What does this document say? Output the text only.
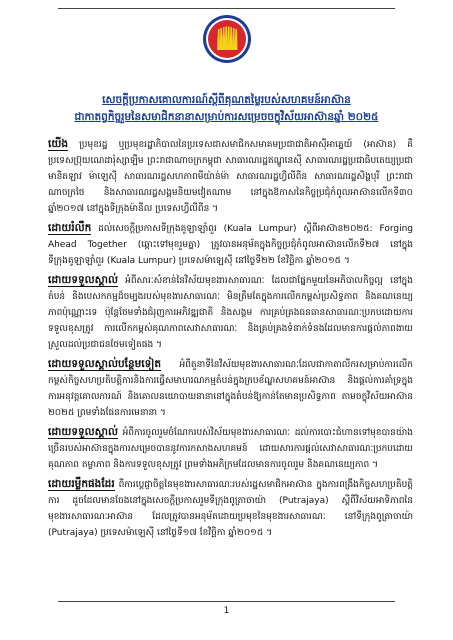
សេចក្តីប្រកាសគោលការណ៍ស្តីពីគុណតម្លៃរបស់សហគមន៍អាស៊ាន
ជាកាតព្វកិច្ចរួមនៃសមាជិកនានាសម្រាប់ការសម្រេចចក្ខុវិស័យអាស៊ានឆ្នាំ ២០២៥

យើង ប្រមុខរដ្ឋ ឬប្រមុខរដ្ឋាភិបាលនៃប្រទេសជាសមាជិកសមាគមប្រជាជាតិអាស៊ីអាគ្នេយ៍ (អាស៊ាន) គឺប្រទេសប្រ៊ុយណេដារ៉ុស្សាឡឹម ព្រះរាជាណាចក្រកម្ពុជា សាធារណរដ្ឋឥណ្ឌូនេស៊ី សាធារណរដ្ឋប្រជាធិបតេយ្យប្រជាមានិតឡាវ ម៉ាឡេស៊ី សាធារណរដ្ឋសហភាពមីយ៉ាន់ម៉ា សាធារណរដ្ឋហ្វីលីពីន សាធារណរដ្ឋសិង្ហបុរី ព្រះរាជាណាចក្រថៃ និងសាធារណរដ្ឋសង្គមនិយមវៀតណាម នៅក្នុងឱកាសនៃកិច្ចប្រជុំកំពូលអាស៊ានលើកទី៣០ ឆ្នាំ២០១៧ នៅក្នុងទីក្រុងម៉ានីល ប្រទេសហ្វីលីពីន ។

ដោយរំលឹក ដល់សេចក្តីប្រកាសទីក្រុងគូឡាឡាំពួរ (Kuala Lumpur) ស្តីពីអាស៊ាន២០២៥: Forging Ahead Together (ឆ្ពោះទៅមុខរួមគ្នា) ត្រូវបានអនុម័តក្នុងកិច្ចប្រជុំកំពូលអាស៊ានលើកទី២៧ នៅក្នុងទីក្រុងគូឡាឡាំពួរ (Kuala Lumpur) ប្រទេសម៉ាឡេស៊ី នៅថ្ងៃទី២២ ខែវិច្ឆិកា ឆ្នាំ២០១៥ ។

ដោយទទួលស្គាល់ អំពីសារៈសំខាន់នៃវិស័យមុខងារសាធារណៈ ដែលជាផ្នែកមួយនៃអភិបាលកិច្ចល្អ នៅក្នុងតំបន់ និងបេសកកម្មដ៏ចម្បងរបស់មុខងារសាធារណៈ មិនត្រឹមតែក្នុងការលើកកម្ពស់ប្រសិទ្ធភាព និងគណនេយ្យភាពប៉ុណ្ណោះទេ ប៉ុន្តែថែមទាំងជំរុញការអភិវឌ្ឍជាតិ និងសង្គម ការគ្រប់គ្រងធនធានសាធារណៈប្រកបដោយការទទួលខុសត្រូវ ការលើកកម្ពស់គុណភាពសេវាសាធារណៈ និងគ្រប់គ្រងទំនាក់ទំនងដែលមានការផ្តល់ភាពងាយស្រួលដល់ប្រជាជនថែមទៀតផង ។

ដោយទទួលស្គាល់បន្ថែមទៀត អំពីតួនាទីនៃវិស័យមុខងារសាធារណៈដែលជាកាតាលីករសម្រាប់ការលើកកម្ពស់កិច្ចសហប្រតិបត្តិការនិងការធ្វើសមាហរណកម្មតំបន់ក្នុងក្របខ័ណ្ឌសហគមន៍អាស៊ាន និងផ្តល់ការគាំទ្រក្នុងការអនុវត្តគោលការណ៍ និងគោលនយោបាយនានានៅក្នុងតំបន់ឱ្យកាន់តែមានប្រសិទ្ធភាព តាមចក្ខុវិស័យអាស៊ាន ២០២៥ ព្រមទាំងផែនការមេនានា ។

ដោយទទួលស្គាល់ អំពីការចូលរួមចំណែករបស់វិស័យមុខងារសាធារណៈ ដល់ការបោះជំហានទៅមុខបានយ៉ាងច្រើនរបស់អាស៊ានក្នុងការសម្រេចបាននូវការកសាងសហគមន៍ ដោយសារការផ្តល់សេវាសាធារណៈប្រកបដោយគុណភាព តម្លាភាព និងការទទួលខុសត្រូវ ព្រមទាំងអភិក្រមដែលមានការចូលរួម និងគណនេយ្យភាព ។

ដោយរម្លឹកផងដែរ ពីការប្តេជ្ញាចិត្តនៃមុខងារសាធារណៈរបស់រដ្ឋសមាជិកអាស៊ាន ក្នុងការពង្រឹងកិច្ចសហប្រតិបត្តិការ ដូចដែលមានចែងនៅក្នុងសេចក្តីប្រកាសរួមទីក្រុងពូត្រាចាយ៉ា (Putrajaya) ស្តីពីវិស័យអាទិភាពនៃមុខងារសាធារណៈអាស៊ាន ដែលត្រូវបានអនុម័តដោយប្រមុខនៃមុខងារសាធារណៈ នៅទីក្រុងពូត្រាចាយ៉ា (Putrajaya) ប្រទេសម៉ាឡេស៊ី នៅថ្ងៃទី១៧ ខែវិច្ឆិកា ឆ្នាំ២០១៥ ។

1
